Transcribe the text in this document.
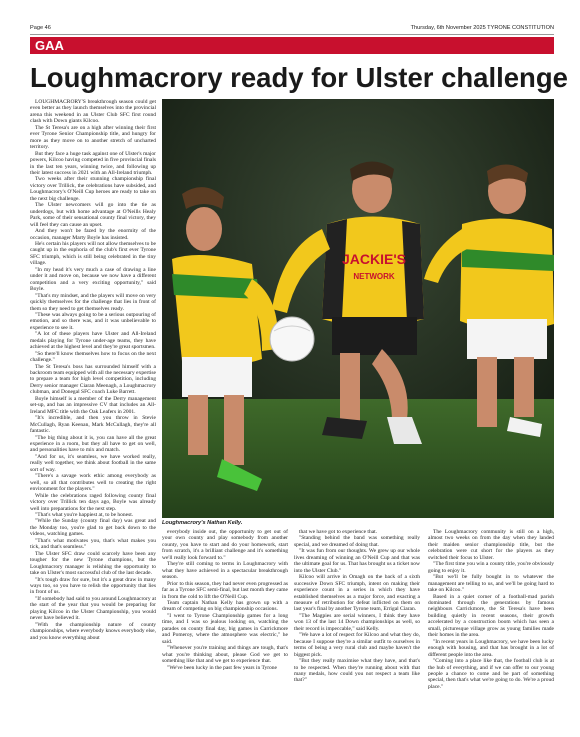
Page 46	Thursday, 6th November 2025 TYRONE CONSTITUTION
GAA
Loughmacrory ready for Ulster challenge

LOUGHMACRORY'S breakthrough season could get even better as they launch themselves into the provincial arena this weekend in an Ulster Club SFC first round clash with Down giants Kilcoo.

The St Teresa's are on a high after winning their first ever Tyrone Senior Championship title, and hungry for more as they move on to another stretch of uncharted territory.

But they face a huge task against one of Ulster's major powers, Kilcoo having competed in five provincial finals in the last ten years, winning twice, and following up their latest success in 2021 with an All-Ireland triumph.

Two weeks after their stunning championship final victory over Trillick, the celebrations have subsided, and Loughmacrory's O'Neill Cup heroes are ready to take on the next big challenge.

The Ulster newcomers will go into the tie as underdogs, but with home advantage at O'Neills Healy Park, some of their sensational county final victory, they will feel they can cause an upset.

And they won't be fazed by the enormity of the occasion, manager Marty Boyle has insisted.

He's certain his players will not allow themselves to be caught up in the euphoria of the club's first ever Tyrone SFC triumph, which is still being celebrated in the tiny village.

"In my head it's very much a case of drawing a line under it and move on, because we now have a different competition and a very exciting opportunity," said Boyle.

"That's my mindset, and the players will move on very quickly themselves for the challenge that lies in front of them so they need to get themselves ready.

"These was always going to be a serious outpouring of emotion, and so there was, and it was unbelievable to experience to see it.

"A lot of these players have Ulster and All-Ireland medals playing for Tyrone under-age teams, they have achieved at the highest level and they're great sportsmen.

"So there'll know themselves how to focus on the next challenge."

The St Teresa's boss has surrounded himself with a backroom team equipped with all the necessary expertise to prepare a team for high level competition, including Derry senior manager Ciaran Meenagh, a Loughmacrory clubman, and Donegal SFC coach Luke Barrett.

Boyle himself is a member of the Derry management set-up, and has an impressive CV that includes an All-Ireland MFC title with the Oak Leafers in 2001.

"It's incredible, and then you throw in Stevie McCullagh, Ryan Keenan, Mark McCullagh, they're all fantastic.

"The big thing about it is, you can have all the great experience in a room, but they all have to get on well, and personalities have to mix and match.

"And for us, it's seamless, we have worked really, really well together, we think about football in the same sort of way.

"There's a savage work ethic among everybody as well, so all that contributes well to creating the right environment for the players."

While the celebrations raged following county final victory over Trillick ten days ago, Boyle was already well into preparations for the next step.

"That's what you're happiest at, to be honest.

"While the Sunday (county final day) was great and the Monday too, you're glad to get back down to the videos, watching games.

"That's what motivates you, that's what makes you tick, and that's seamless."

The Ulster SFC draw could scarcely have been any tougher for the new Tyrone champions, but the Loughmacrory manager is relishing the opportunity to take on Ulster's most successful club of the last decade.

"It's tough draw for sure, but it's a great draw in many ways too, so you have to relish the opportunity that lies in front of us.

"If somebody had said to you around Loughmacrory at the start of the year that you would be preparing for playing Kilcoo in the Ulster Championship, you would never have believed it.

"With the championship nature of county championships, where everybody knows everybody else, and you know everything about

JACKIE'S
NETWORK
Loughmacrory's Nathan Kelly.

everybody inside out, the opportunity to get out of your own county and play somebody from another county, you have to start and do your homework, start from scratch, it's a brilliant challenge and it's something we'll really look forward to."

They're still coming to terms in Loughmacrory with what they have achieved in a spectacular breakthrough season.

Prior to this season, they had never even progressed as far as a Tyrone SFC semi-final, but last month they came in from the cold to lift the O'Neill Cup.

Team captain Nathan Kelly has grown up with a dream of competing on big championship occasions.

"I went to Tyrone Championship games for a long time, and I was so jealous looking on, watching the parades on county final day, big games in Carrickmore and Pomeroy, where the atmosphere was electric," he said.

"Whenever you're training and things are tough, that's what you're thinking about, please God we get to something like that and we get to experience that.

"We've been lucky in the past few years in Tyrone

that we have got to experience that.

"Standing behind the band was something really special, and we dreamed of doing that.

"It was fun from our thoughts. We grew up our whole lives dreaming of winning an O'Neill Cup and that was the ultimate goal for us. That has brought us a ticket now into the Ulster Club."

Kilcoo will arrive in Omagh on the back of a sixth successive Down SFC triumph, intent on making their experience count in a series in which they have established themselves as a major force, and exacting a measure of retribution for defeat inflicted on them on last year's final by another Tyrone team, Errigal Ciaran.

"The Magpies are serial winners, I think they have won 13 of the last 14 Down championships as well, so their record is impeccable," said Kelly.

"We have a lot of respect for Kilcoo and what they do, because I suppose they're a similar outfit to ourselves in terms of being a very rural club and maybe haven't the biggest pick.

"But they really maximise what they have, and that's to be respected. When they're running about with that many medals, how could you not respect a team like that?"

The Loughmacrory community is still on a high, almost two weeks on from the day when they landed their maiden senior championship title, but the celebration were cut short for the players as they switched their focus to Ulster.

"The first time you win a county title, you're obviously going to enjoy it.

"But we'll be fully bought in to whatever the management are telling to us, and we'll be going hard to take on Kilcoo."

Based in a quiet corner of a football-mad parish dominated through the generations by famous neighbours Carrickmore, the St Teresa's have been building quietly in recent seasons, their growth accelerated by a construction boom which has seen a small, picturesque village grow as young families made their homes in the area.

"In recent years in Loughmacrory, we have been lucky enough with housing, and that has brought in a lot of different people into the area.

"Coming into a place like that, the football club is at the hub of everything, and if we can offer to our young people a chance to come and be part of something special, then that's what we're going to do. We're a proud place."
